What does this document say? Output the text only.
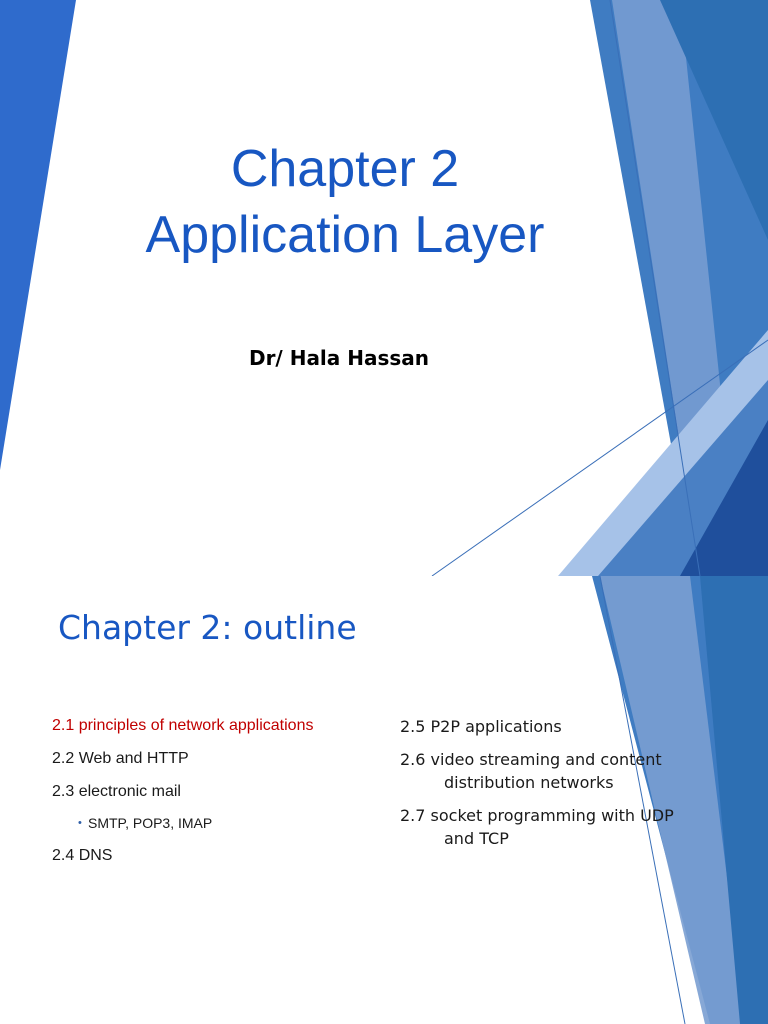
Chapter 2
Application Layer
Dr/ Hala Hassan
Chapter 2: outline
2.1 principles of network applications
2.2 Web and HTTP
2.3 electronic mail
• SMTP, POP3, IMAP
2.4 DNS
2.5 P2P applications
2.6 video streaming and content
distribution networks
2.7 socket programming with UDP
and TCP
